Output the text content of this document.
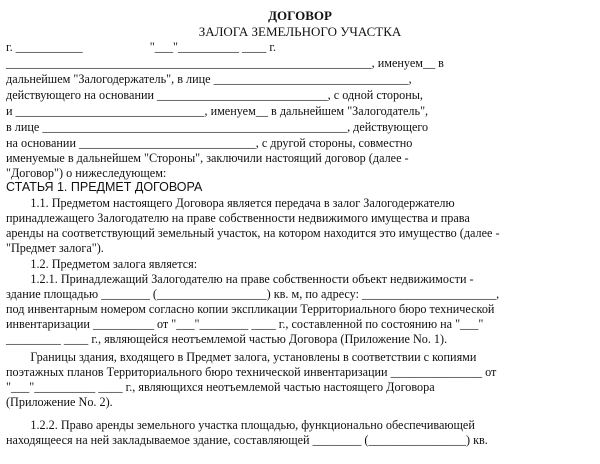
ДОГОВОР
ЗАЛОГА ЗЕМЕЛЬНОГО УЧАСТКА
г. ___________                      "___"__________ ____ г.
____________________________________________________________, именуем__ в
дальнейшем "Залогодержатель", в лице ________________________________,
действующего на основании ____________________________, с одной стороны,
и _______________________________, именуем__ в дальнейшем "Залогодатель",
в лице __________________________________________________, действующего
на основании _____________________________, с другой стороны, совместно
именуемые в дальнейшем "Стороны", заключили настоящий договор (далее -
"Договор") о нижеследующем:
СТАТЬЯ 1. ПРЕДМЕТ ДОГОВОРА
1.1. Предметом настоящего Договора является передача в залог Залогодержателю
принадлежащего Залогодателю на праве собственности недвижимого имущества и права
аренды на соответствующий земельный участок, на котором находится это имущество (далее -
"Предмет залога").
1.2. Предметом залога является:
1.2.1. Принадлежащий Залогодателю на праве собственности объект недвижимости -
здание площадью ________ (__________________) кв. м, по адресу: ______________________,
под инвентарным номером согласно копии экспликации Территориального бюро технической
инвентаризации __________ от "___"________ ____ г., составленной по состоянию на "___"
_________ ____ г., являющейся неотъемлемой частью Договора (Приложение No. 1).
Границы здания, входящего в Предмет залога, установлены в соответствии с копиями
поэтажных планов Территориального бюро технической инвентаризации _______________ от
"___"__________ ____ г., являющихся неотъемлемой частью настоящего Договора
(Приложение No. 2).
1.2.2. Право аренды земельного участка площадью, функционально обеспечивающей
находящееся на ней закладываемое здание, составляющей ________ (________________) кв.
